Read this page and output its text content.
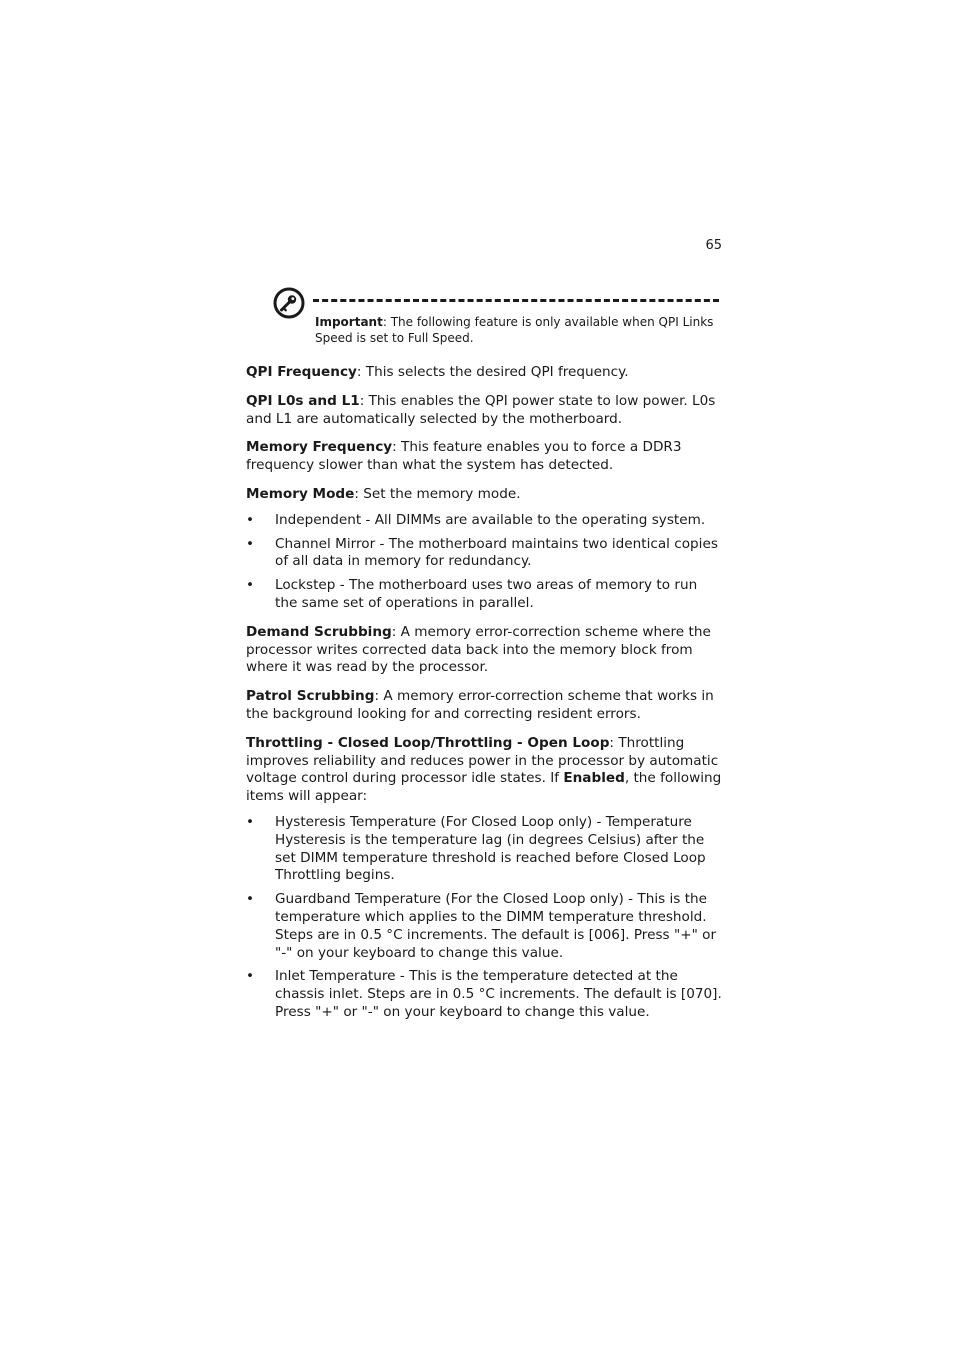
65
Important: The following feature is only available when QPI Links Speed is set to Full Speed.

QPI Frequency: This selects the desired QPI frequency.

QPI L0s and L1: This enables the QPI power state to low power. L0s and L1 are automatically selected by the motherboard.

Memory Frequency: This feature enables you to force a DDR3 frequency slower than what the system has detected.

Memory Mode: Set the memory mode.

• Independent - All DIMMs are available to the operating system.
• Channel Mirror - The motherboard maintains two identical copies of all data in memory for redundancy.
• Lockstep - The motherboard uses two areas of memory to run the same set of operations in parallel.

Demand Scrubbing: A memory error-correction scheme where the processor writes corrected data back into the memory block from where it was read by the processor.

Patrol Scrubbing: A memory error-correction scheme that works in the background looking for and correcting resident errors.

Throttling - Closed Loop/Throttling - Open Loop: Throttling improves reliability and reduces power in the processor by automatic voltage control during processor idle states. If Enabled, the following items will appear:

• Hysteresis Temperature (For Closed Loop only) - Temperature Hysteresis is the temperature lag (in degrees Celsius) after the set DIMM temperature threshold is reached before Closed Loop Throttling begins.
• Guardband Temperature (For the Closed Loop only) - This is the temperature which applies to the DIMM temperature threshold. Steps are in 0.5 °C increments. The default is [006]. Press "+" or "-" on your keyboard to change this value.
• Inlet Temperature - This is the temperature detected at the chassis inlet. Steps are in 0.5 °C increments. The default is [070]. Press "+" or "-" on your keyboard to change this value.
